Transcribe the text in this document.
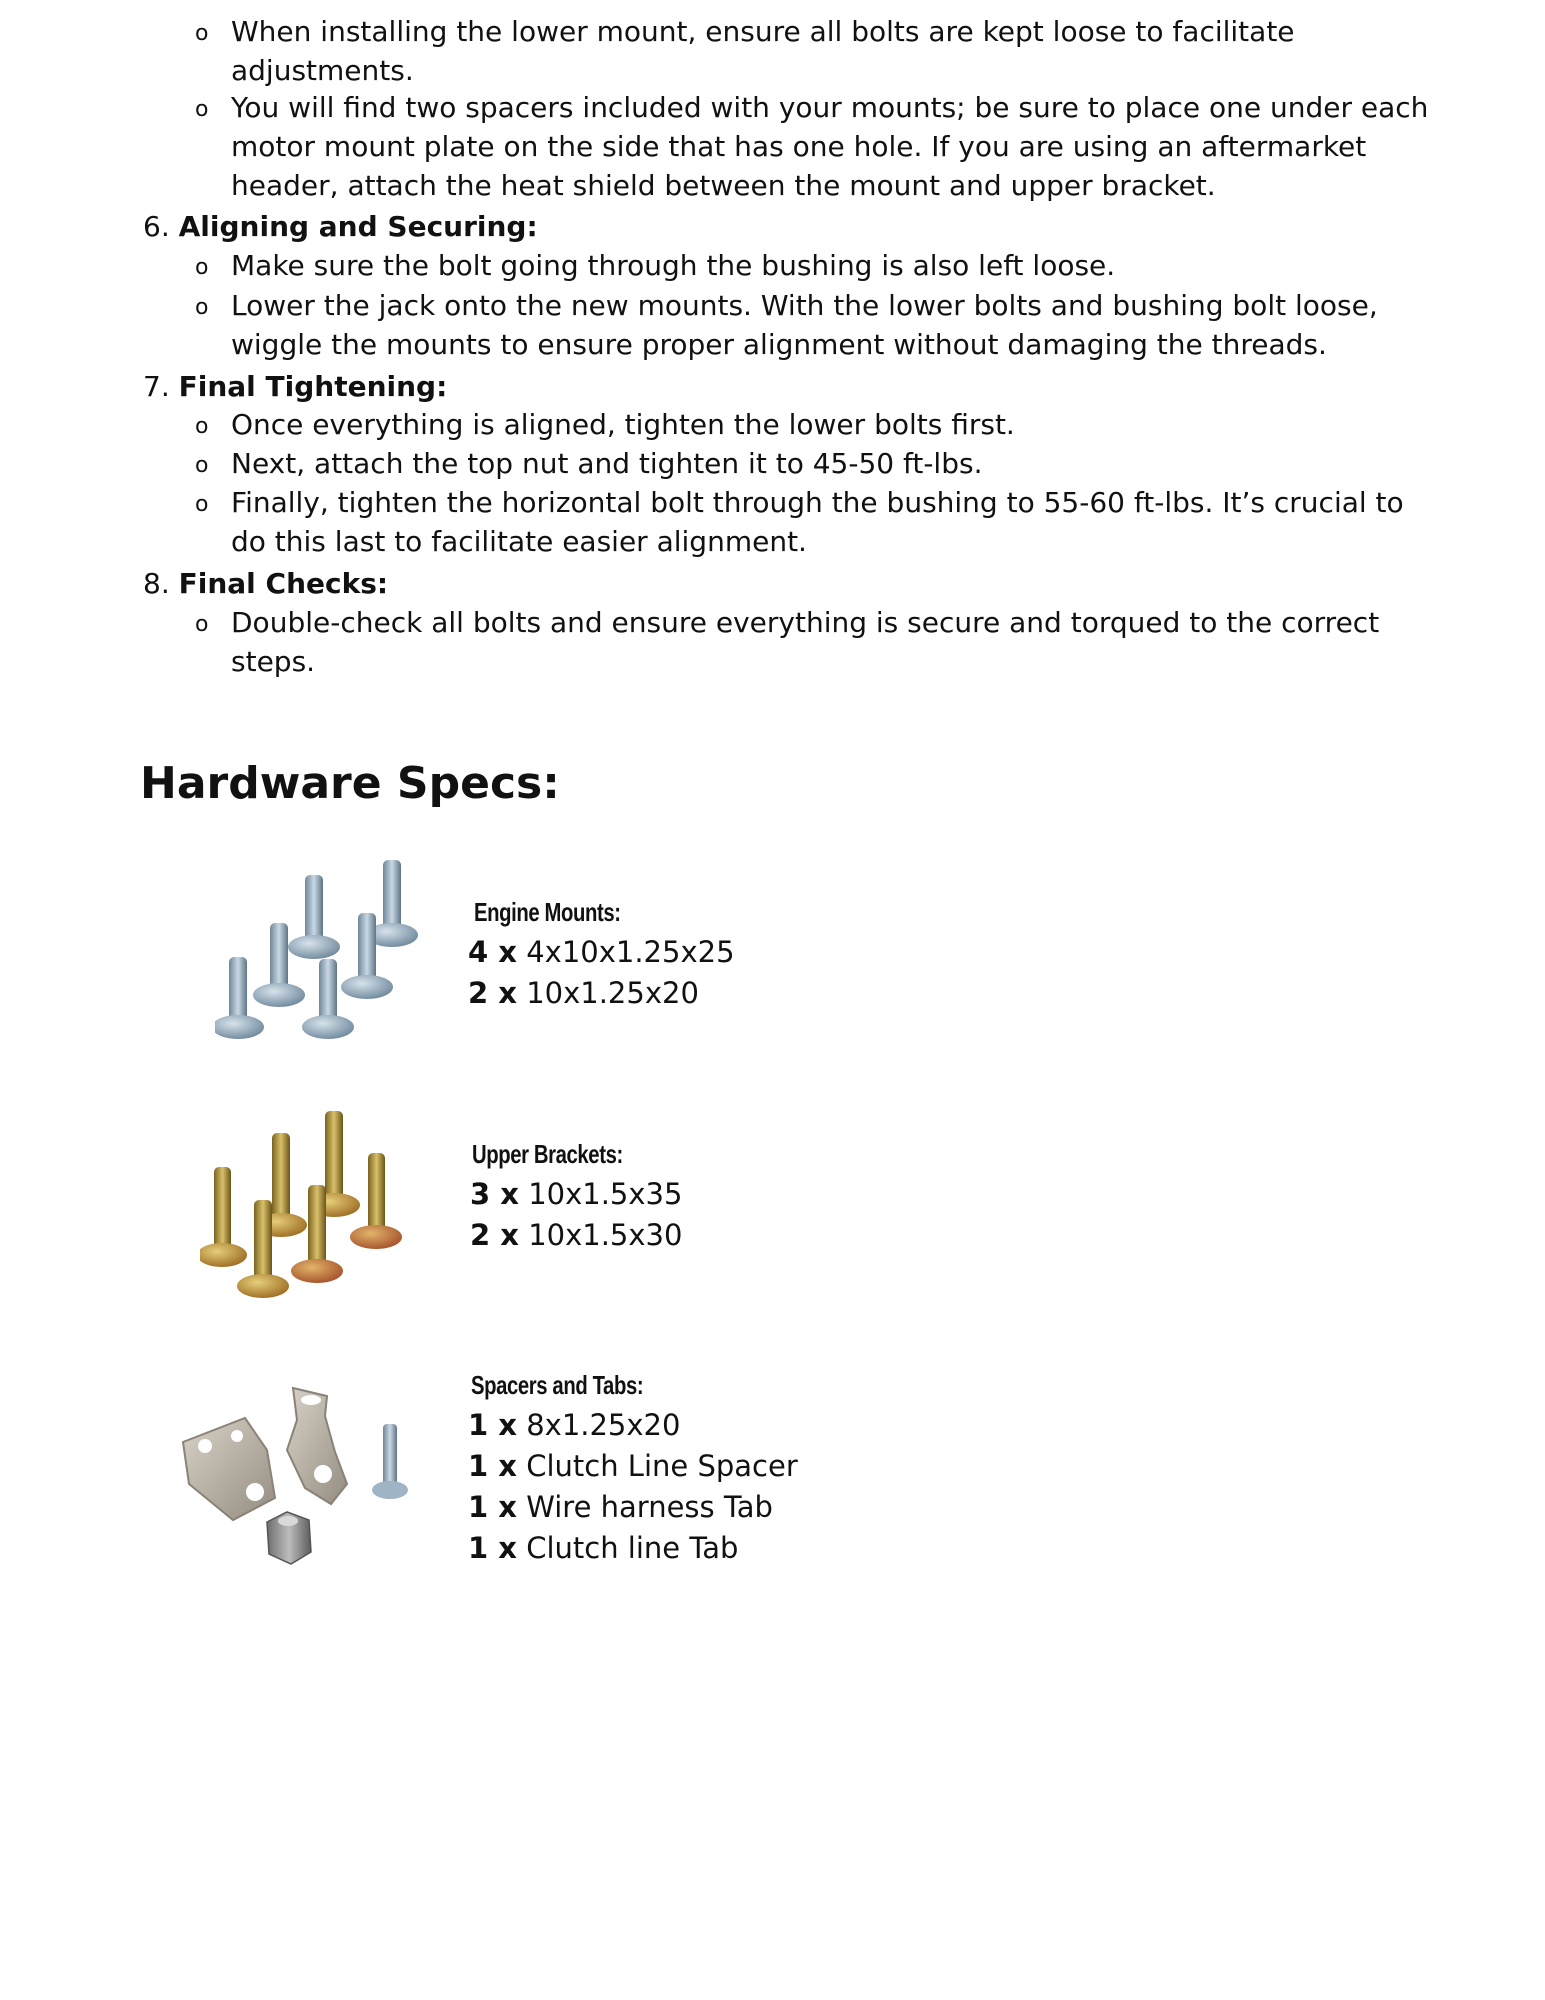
o When installing the lower mount, ensure all bolts are kept loose to facilitate
adjustments.
o You will find two spacers included with your mounts; be sure to place one under each
motor mount plate on the side that has one hole. If you are using an aftermarket
header, attach the heat shield between the mount and upper bracket.
6. Aligning and Securing:
o Make sure the bolt going through the bushing is also left loose.
o Lower the jack onto the new mounts. With the lower bolts and bushing bolt loose,
wiggle the mounts to ensure proper alignment without damaging the threads.
7. Final Tightening:
o Once everything is aligned, tighten the lower bolts first.
o Next, attach the top nut and tighten it to 45-50 ft-lbs.
o Finally, tighten the horizontal bolt through the bushing to 55-60 ft-lbs. It’s crucial to
do this last to facilitate easier alignment.
8. Final Checks:
o Double-check all bolts and ensure everything is secure and torqued to the correct
steps.
Hardware Specs:
Engine Mounts:
4 x 4x10x1.25x25
2 x 10x1.25x20
Upper Brackets:
3 x 10x1.5x35
2 x 10x1.5x30
Spacers and Tabs:
1 x 8x1.25x20
1 x Clutch Line Spacer
1 x Wire harness Tab
1 x Clutch line Tab
